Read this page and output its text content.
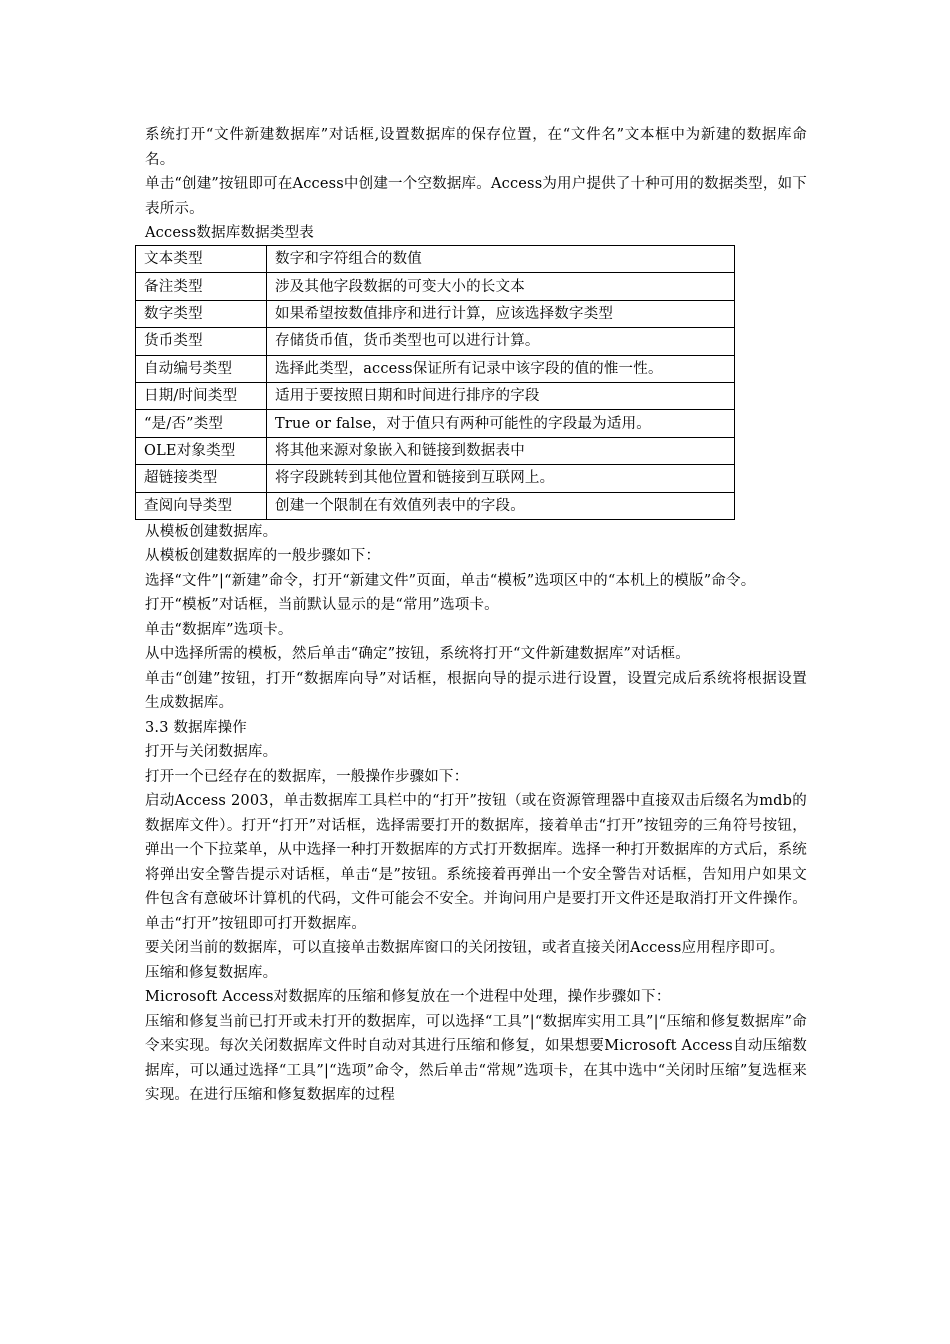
系统打开“文件新建数据库”对话框,设置数据库的保存位置，在“文件名”文本框中为新建的数据库命名。

单击“创建”按钮即可在Access中创建一个空数据库。Access为用户提供了十种可用的数据类型，如下表所示。

Access数据库数据类型表
文本类型	数字和字符组合的数值
备注类型	涉及其他字段数据的可变大小的长文本
数字类型	如果希望按数值排序和进行计算，应该选择数字类型
货币类型	存储货币值，货币类型也可以进行计算。
自动编号类型	选择此类型，access保证所有记录中该字段的值的惟一性。
日期/时间类型	适用于要按照日期和时间进行排序的字段
“是/否”类型	True or false，对于值只有两种可能性的字段最为适用。
OLE对象类型	将其他来源对象嵌入和链接到数据表中
超链接类型	将字段跳转到其他位置和链接到互联网上。
查阅向导类型	创建一个限制在有效值列表中的字段。

从模板创建数据库。

从模板创建数据库的一般步骤如下：

选择“文件”|“新建”命令，打开“新建文件”页面，单击“模板”选项区中的“本机上的模版”命令。

打开“模板”对话框，当前默认显示的是“常用”选项卡。

单击“数据库”选项卡。

从中选择所需的模板，然后单击“确定”按钮，系统将打开“文件新建数据库”对话框。

单击“创建”按钮，打开“数据库向导”对话框，根据向导的提示进行设置，设置完成后系统将根据设置生成数据库。

3.3 数据库操作

打开与关闭数据库。

打开一个已经存在的数据库，一般操作步骤如下：

启动Access 2003，单击数据库工具栏中的“打开”按钮（或在资源管理器中直接双击后缀名为mdb的数据库文件）。打开“打开”对话框，选择需要打开的数据库，接着单击“打开”按钮旁的三角符号按钮，弹出一个下拉菜单，从中选择一种打开数据库的方式打开数据库。选择一种打开数据库的方式后，系统将弹出安全警告提示对话框，单击“是”按钮。系统接着再弹出一个安全警告对话框，告知用户如果文件包含有意破坏计算机的代码，文件可能会不安全。并询问用户是要打开文件还是取消打开文件操作。单击“打开”按钮即可打开数据库。

要关闭当前的数据库，可以直接单击数据库窗口的关闭按钮，或者直接关闭Access应用程序即可。

压缩和修复数据库。

Microsoft Access对数据库的压缩和修复放在一个进程中处理，操作步骤如下：

压缩和修复当前已打开或未打开的数据库，可以选择“工具”|“数据库实用工具”|“压缩和修复数据库”命令来实现。每次关闭数据库文件时自动对其进行压缩和修复，如果想要Microsoft Access自动压缩数据库，可以通过选择“工具”|“选项”命令，然后单击“常规”选项卡，在其中选中“关闭时压缩”复选框来实现。在进行压缩和修复数据库的过程
